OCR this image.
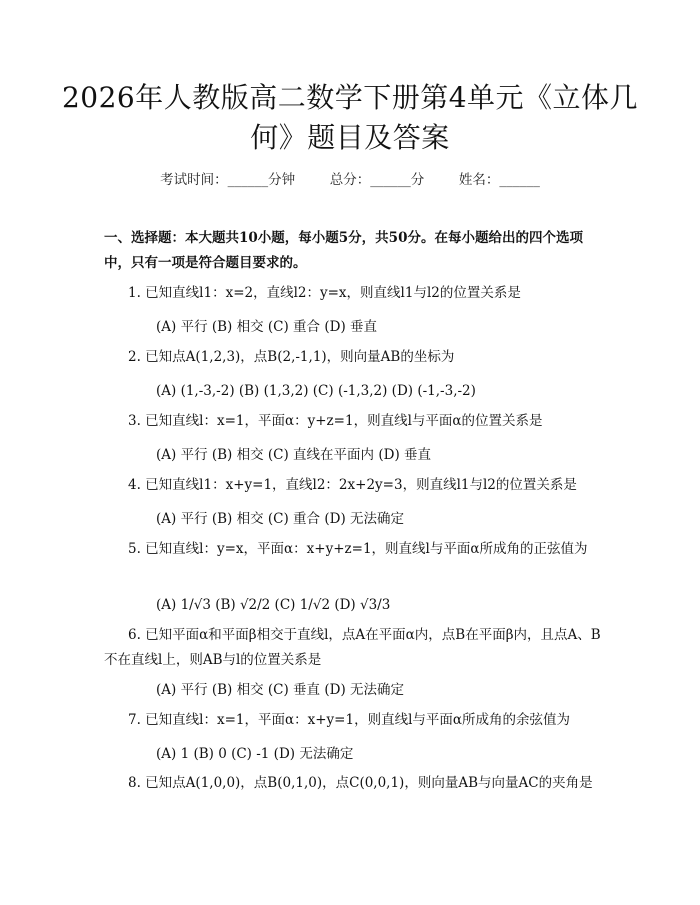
2026年人教版高二数学下册第4单元《立体几何》题目及答案
考试时间：______分钟	总分：______分	姓名：______
一、选择题：本大题共10小题，每小题5分，共50分。在每小题给出的四个选项中，只有一项是符合题目要求的。
1. 已知直线l1：x=2，直线l2：y=x，则直线l1与l2的位置关系是
(A) 平行 (B) 相交 (C) 重合 (D) 垂直
2. 已知点A(1,2,3)，点B(2,-1,1)，则向量AB的坐标为
(A) (1,-3,-2) (B) (1,3,2) (C) (-1,3,2) (D) (-1,-3,-2)
3. 已知直线l：x=1，平面α：y+z=1，则直线l与平面α的位置关系是
(A) 平行 (B) 相交 (C) 直线在平面内 (D) 垂直
4. 已知直线l1：x+y=1，直线l2：2x+2y=3，则直线l1与l2的位置关系是
(A) 平行 (B) 相交 (C) 重合 (D) 无法确定
5. 已知直线l：y=x，平面α：x+y+z=1，则直线l与平面α所成角的正弦值为
(A) 1/√3 (B) √2/2 (C) 1/√2 (D) √3/3
6. 已知平面α和平面β相交于直线l，点A在平面α内，点B在平面β内，且点A、B不在直线l上，则AB与l的位置关系是
(A) 平行 (B) 相交 (C) 垂直 (D) 无法确定
7. 已知直线l：x=1，平面α：x+y=1，则直线l与平面α所成角的余弦值为
(A) 1 (B) 0 (C) -1 (D) 无法确定
8. 已知点A(1,0,0)，点B(0,1,0)，点C(0,0,1)，则向量AB与向量AC的夹角是
